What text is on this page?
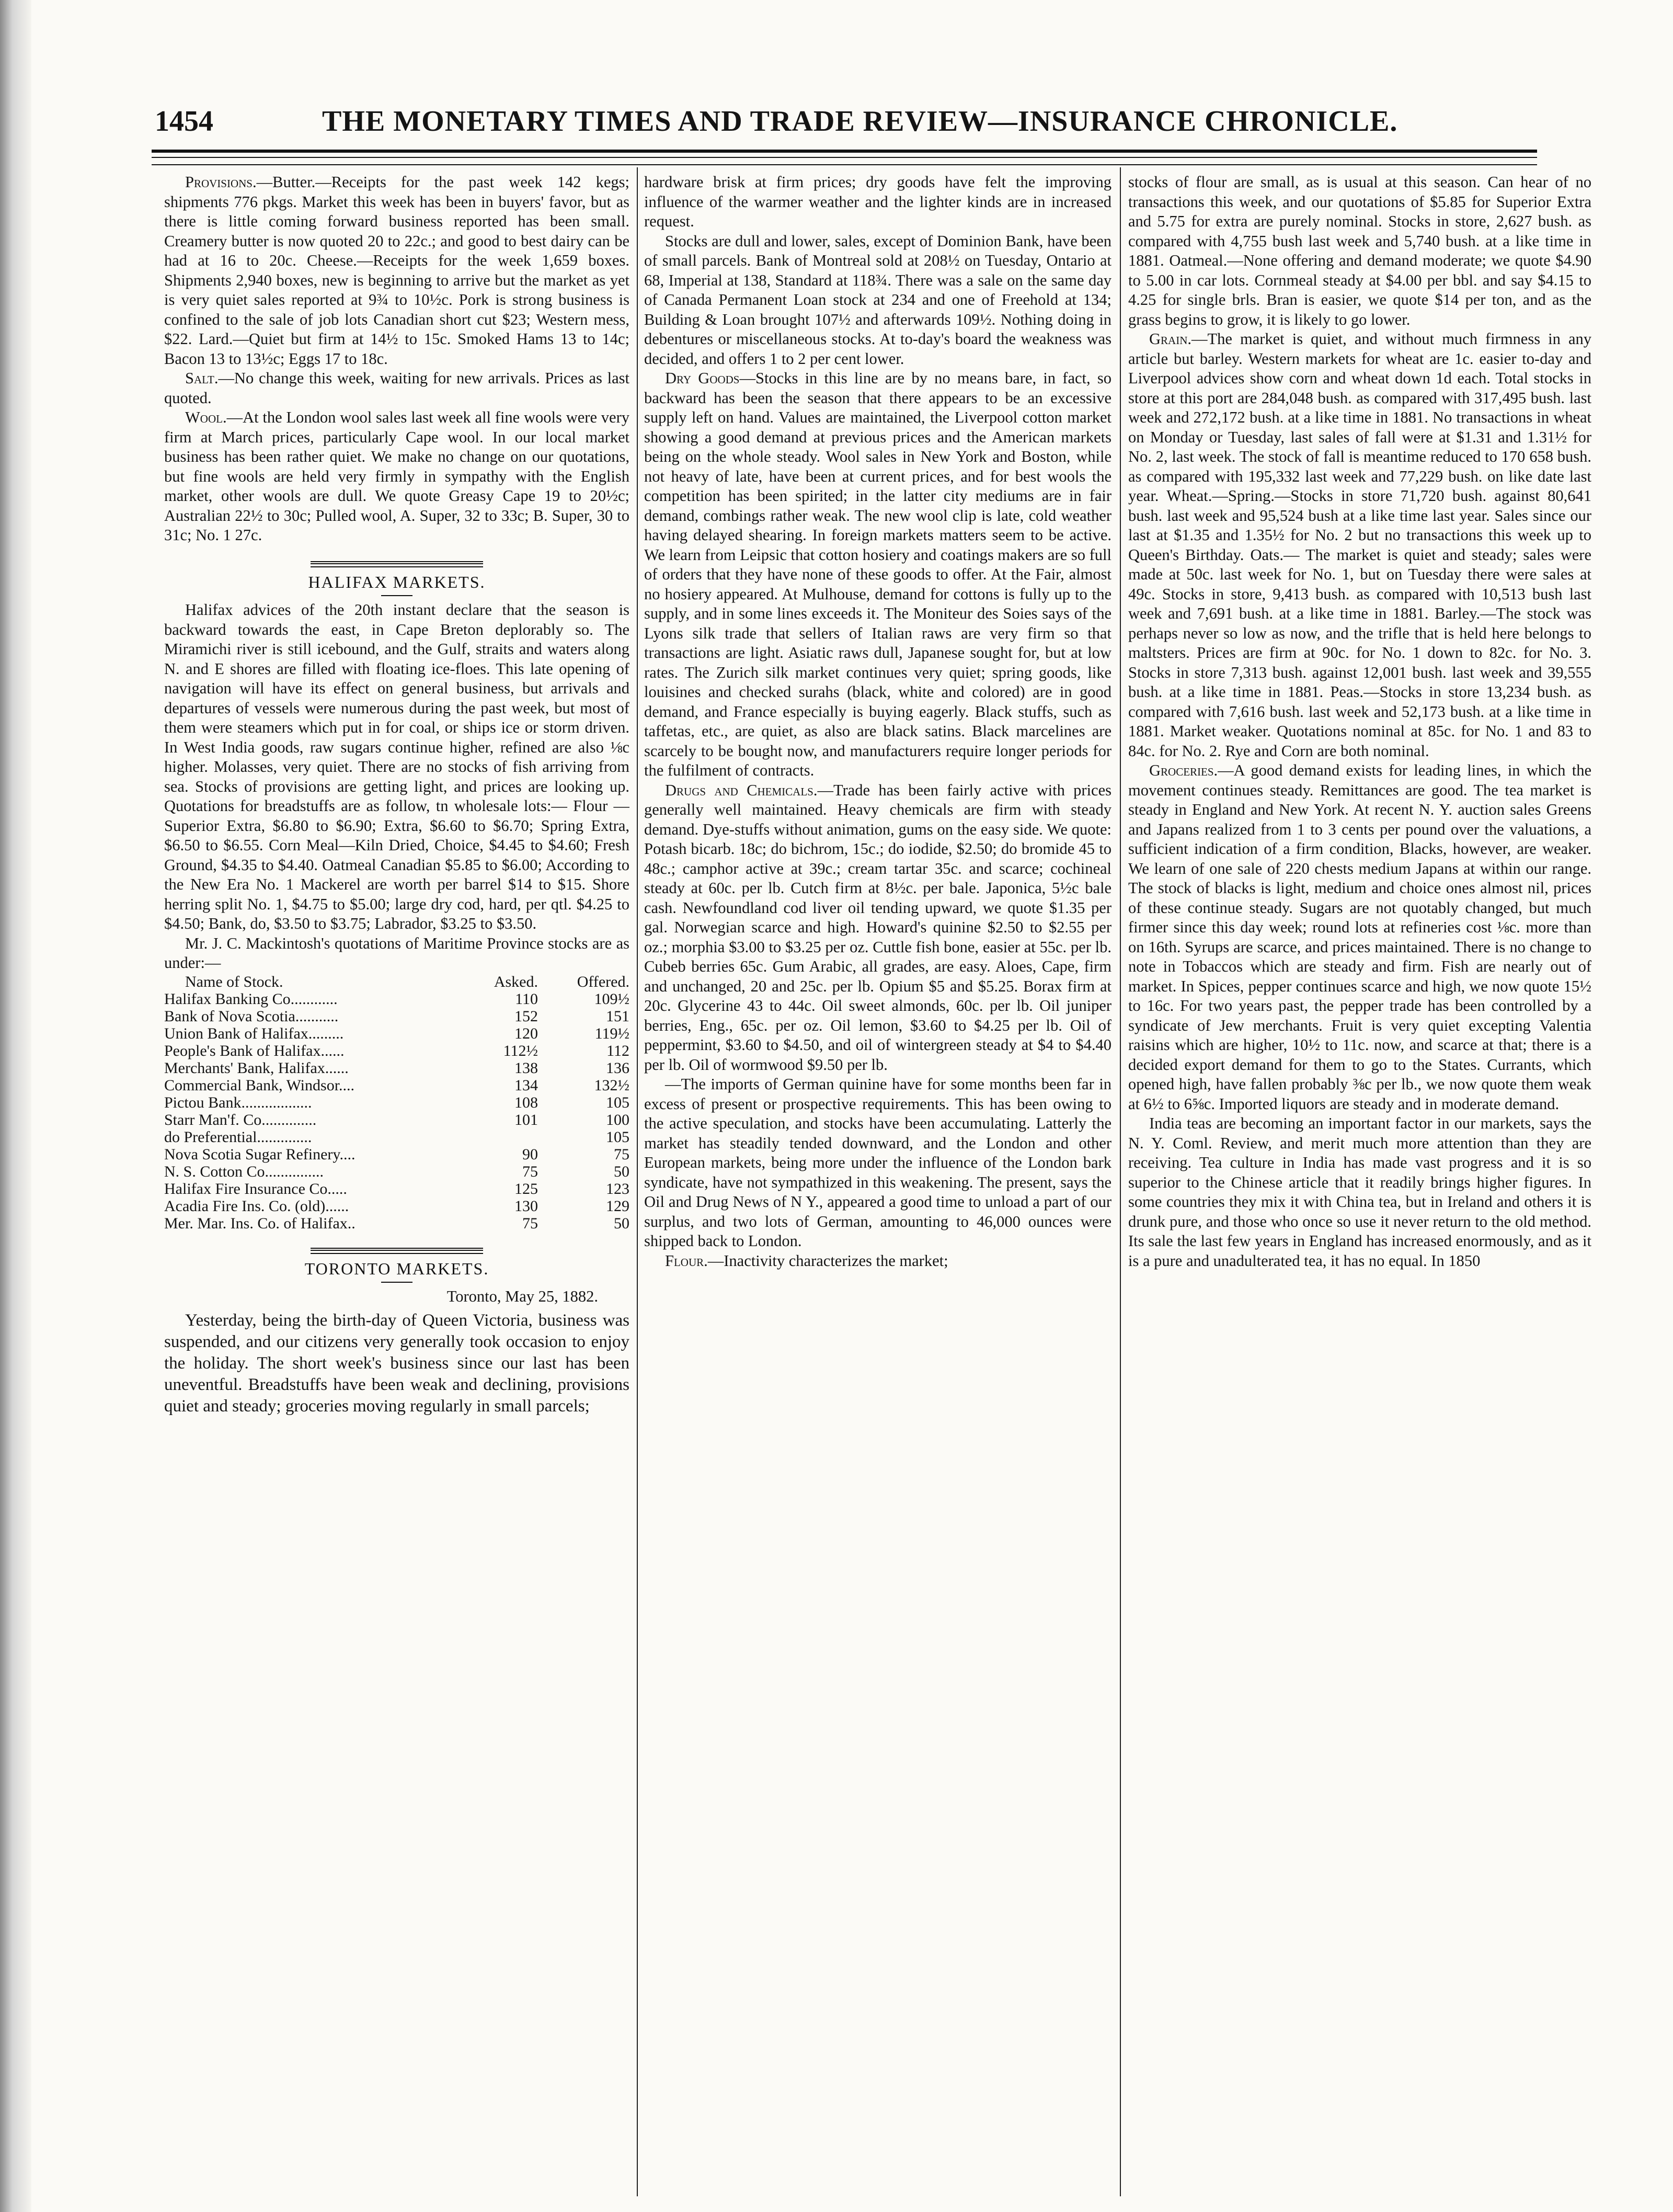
1454	THE MONETARY TIMES AND TRADE REVIEW—INSURANCE CHRONICLE.

Provisions.—Butter.—Receipts for the past week 142 kegs; shipments 776 pkgs. Market this week has been in buyers' favor, but as there is little coming forward business reported has been small. Creamery butter is now quoted 20 to 22c.; and good to best dairy can be had at 16 to 20c. Cheese.—Receipts for the week 1,659 boxes. Shipments 2,940 boxes, new is beginning to arrive but the market as yet is very quiet sales reported at 9¾ to 10½c. Pork is strong business is confined to the sale of job lots Canadian short cut $23; Western mess, $22. Lard.—Quiet but firm at 14½ to 15c. Smoked Hams 13 to 14c; Bacon 13 to 13½c; Eggs 17 to 18c.

Salt.—No change this week, waiting for new arrivals. Prices as last quoted.

Wool.—At the London wool sales last week all fine wools were very firm at March prices, particularly Cape wool. In our local market business has been rather quiet. We make no change on our quotations, but fine wools are held very firmly in sympathy with the English market, other wools are dull. We quote Greasy Cape 19 to 20½c; Australian 22½ to 30c; Pulled wool, A. Super, 32 to 33c; B. Super, 30 to 31c; No. 1 27c.

HALIFAX MARKETS.

Halifax advices of the 20th instant declare that the season is backward towards the east, in Cape Breton deplorably so. The Miramichi river is still icebound, and the Gulf, straits and waters along N. and E shores are filled with floating ice-floes. This late opening of navigation will have its effect on general business, but arrivals and departures of vessels were numerous during the past week, but most of them were steamers which put in for coal, or ships ice or storm driven. In West India goods, raw sugars continue higher, refined are also ⅛c higher. Molasses, very quiet. There are no stocks of fish arriving from sea. Stocks of provisions are getting light, and prices are looking up. Quotations for breadstuffs are as follow, tn wholesale lots:— Flour — Superior Extra, $6.80 to $6.90; Extra, $6.60 to $6.70; Spring Extra, $6.50 to $6.55. Corn Meal—Kiln Dried, Choice, $4.45 to $4.60; Fresh Ground, $4.35 to $4.40. Oatmeal Canadian $5.85 to $6.00; According to the New Era No. 1 Mackerel are worth per barrel $14 to $15. Shore herring split No. 1, $4.75 to $5.00; large dry cod, hard, per qtl. $4.25 to $4.50; Bank, do, $3.50 to $3.75; Labrador, $3.25 to $3.50.

Mr. J. C. Mackintosh's quotations of Maritime Province stocks are as under:—

Name of Stock.	Asked.	Offered.
Halifax Banking Co............	110	109½
Bank of Nova Scotia...........	152	151
Union Bank of Halifax.........	120	119½
People's Bank of Halifax......	112½	112
Merchants' Bank, Halifax......	138	136
Commercial Bank, Windsor....	134	132½
Pictou Bank..................	108	105
Starr Man'f. Co..............	101	100
do Preferential..............		105
Nova Scotia Sugar Refinery....	90	75
N. S. Cotton Co...............	75	50
Halifax Fire Insurance Co.....	125	123
Acadia Fire Ins. Co. (old)......	130	129
Mer. Mar. Ins. Co. of Halifax..	75	50
TORONTO MARKETS.
Toronto, May 25, 1882.

Yesterday, being the birth-day of Queen Victoria, business was suspended, and our citizens very generally took occasion to enjoy the holiday. The short week's business since our last has been uneventful. Breadstuffs have been weak and declining, provisions quiet and steady; groceries moving regularly in small parcels;

hardware brisk at firm prices; dry goods have felt the improving influence of the warmer weather and the lighter kinds are in increased request.

Stocks are dull and lower, sales, except of Dominion Bank, have been of small parcels. Bank of Montreal sold at 208½ on Tuesday, Ontario at 68, Imperial at 138, Standard at 118¾. There was a sale on the same day of Canada Permanent Loan stock at 234 and one of Freehold at 134; Building & Loan brought 107½ and afterwards 109½. Nothing doing in debentures or miscellaneous stocks. At to-day's board the weakness was decided, and offers 1 to 2 per cent lower.

Dry Goods—Stocks in this line are by no means bare, in fact, so backward has been the season that there appears to be an excessive supply left on hand. Values are maintained, the Liverpool cotton market showing a good demand at previous prices and the American markets being on the whole steady. Wool sales in New York and Boston, while not heavy of late, have been at current prices, and for best wools the competition has been spirited; in the latter city mediums are in fair demand, combings rather weak. The new wool clip is late, cold weather having delayed shearing. In foreign markets matters seem to be active. We learn from Leipsic that cotton hosiery and coatings makers are so full of orders that they have none of these goods to offer. At the Fair, almost no hosiery appeared. At Mulhouse, demand for cottons is fully up to the supply, and in some lines exceeds it. The Moniteur des Soies says of the Lyons silk trade that sellers of Italian raws are very firm so that transactions are light. Asiatic raws dull, Japanese sought for, but at low rates. The Zurich silk market continues very quiet; spring goods, like louisines and checked surahs (black, white and colored) are in good demand, and France especially is buying eagerly. Black stuffs, such as taffetas, etc., are quiet, as also are black satins. Black marcelines are scarcely to be bought now, and manufacturers require longer periods for the fulfilment of contracts.

Drugs and Chemicals.—Trade has been fairly active with prices generally well maintained. Heavy chemicals are firm with steady demand. Dye-stuffs without animation, gums on the easy side. We quote: Potash bicarb. 18c; do bichrom, 15c.; do iodide, $2.50; do bromide 45 to 48c.; camphor active at 39c.; cream tartar 35c. and scarce; cochineal steady at 60c. per lb. Cutch firm at 8½c. per bale. Japonica, 5½c bale cash. Newfoundland cod liver oil tending upward, we quote $1.35 per gal. Norwegian scarce and high. Howard's quinine $2.50 to $2.55 per oz.; morphia $3.00 to $3.25 per oz. Cuttle fish bone, easier at 55c. per lb. Cubeb berries 65c. Gum Arabic, all grades, are easy. Aloes, Cape, firm and unchanged, 20 and 25c. per lb. Opium $5 and $5.25. Borax firm at 20c. Glycerine 43 to 44c. Oil sweet almonds, 60c. per lb. Oil juniper berries, Eng., 65c. per oz. Oil lemon, $3.60 to $4.25 per lb. Oil of peppermint, $3.60 to $4.50, and oil of wintergreen steady at $4 to $4.40 per lb. Oil of wormwood $9.50 per lb.

—The imports of German quinine have for some months been far in excess of present or prospective requirements. This has been owing to the active speculation, and stocks have been accumulating. Latterly the market has steadily tended downward, and the London and other European markets, being more under the influence of the London bark syndicate, have not sympathized in this weakening. The present, says the Oil and Drug News of N Y., appeared a good time to unload a part of our surplus, and two lots of German, amounting to 46,000 ounces were shipped back to London.

Flour.—Inactivity characterizes the market;

stocks of flour are small, as is usual at this season. Can hear of no transactions this week, and our quotations of $5.85 for Superior Extra and 5.75 for extra are purely nominal. Stocks in store, 2,627 bush. as compared with 4,755 bush last week and 5,740 bush. at a like time in 1881. Oatmeal.—None offering and demand moderate; we quote $4.90 to 5.00 in car lots. Cornmeal steady at $4.00 per bbl. and say $4.15 to 4.25 for single brls. Bran is easier, we quote $14 per ton, and as the grass begins to grow, it is likely to go lower.

Grain.—The market is quiet, and without much firmness in any article but barley. Western markets for wheat are 1c. easier to-day and Liverpool advices show corn and wheat down 1d each. Total stocks in store at this port are 284,048 bush. as compared with 317,495 bush. last week and 272,172 bush. at a like time in 1881. No transactions in wheat on Monday or Tuesday, last sales of fall were at $1.31 and 1.31½ for No. 2, last week. The stock of fall is meantime reduced to 170 658 bush. as compared with 195,332 last week and 77,229 bush. on like date last year. Wheat.—Spring.—Stocks in store 71,720 bush. against 80,641 bush. last week and 95,524 bush at a like time last year. Sales since our last at $1.35 and 1.35½ for No. 2 but no transactions this week up to Queen's Birthday. Oats.— The market is quiet and steady; sales were made at 50c. last week for No. 1, but on Tuesday there were sales at 49c. Stocks in store, 9,413 bush. as compared with 10,513 bush last week and 7,691 bush. at a like time in 1881. Barley.—The stock was perhaps never so low as now, and the trifle that is held here belongs to maltsters. Prices are firm at 90c. for No. 1 down to 82c. for No. 3. Stocks in store 7,313 bush. against 12,001 bush. last week and 39,555 bush. at a like time in 1881. Peas.—Stocks in store 13,234 bush. as compared with 7,616 bush. last week and 52,173 bush. at a like time in 1881. Market weaker. Quotations nominal at 85c. for No. 1 and 83 to 84c. for No. 2. Rye and Corn are both nominal.

Groceries.—A good demand exists for leading lines, in which the movement continues steady. Remittances are good. The tea market is steady in England and New York. At recent N. Y. auction sales Greens and Japans realized from 1 to 3 cents per pound over the valuations, a sufficient indication of a firm condition, Blacks, however, are weaker. We learn of one sale of 220 chests medium Japans at within our range. The stock of blacks is light, medium and choice ones almost nil, prices of these continue steady. Sugars are not quotably changed, but much firmer since this day week; round lots at refineries cost ⅛c. more than on 16th. Syrups are scarce, and prices maintained. There is no change to note in Tobaccos which are steady and firm. Fish are nearly out of market. In Spices, pepper continues scarce and high, we now quote 15½ to 16c. For two years past, the pepper trade has been controlled by a syndicate of Jew merchants. Fruit is very quiet excepting Valentia raisins which are higher, 10½ to 11c. now, and scarce at that; there is a decided export demand for them to go to the States. Currants, which opened high, have fallen probably ⅜c per lb., we now quote them weak at 6½ to 6⅝c. Imported liquors are steady and in moderate demand.

India teas are becoming an important factor in our markets, says the N. Y. Coml. Review, and merit much more attention than they are receiving. Tea culture in India has made vast progress and it is so superior to the Chinese article that it readily brings higher figures. In some countries they mix it with China tea, but in Ireland and others it is drunk pure, and those who once so use it never return to the old method. Its sale the last few years in England has increased enormously, and as it is a pure and unadulterated tea, it has no equal. In 1850
